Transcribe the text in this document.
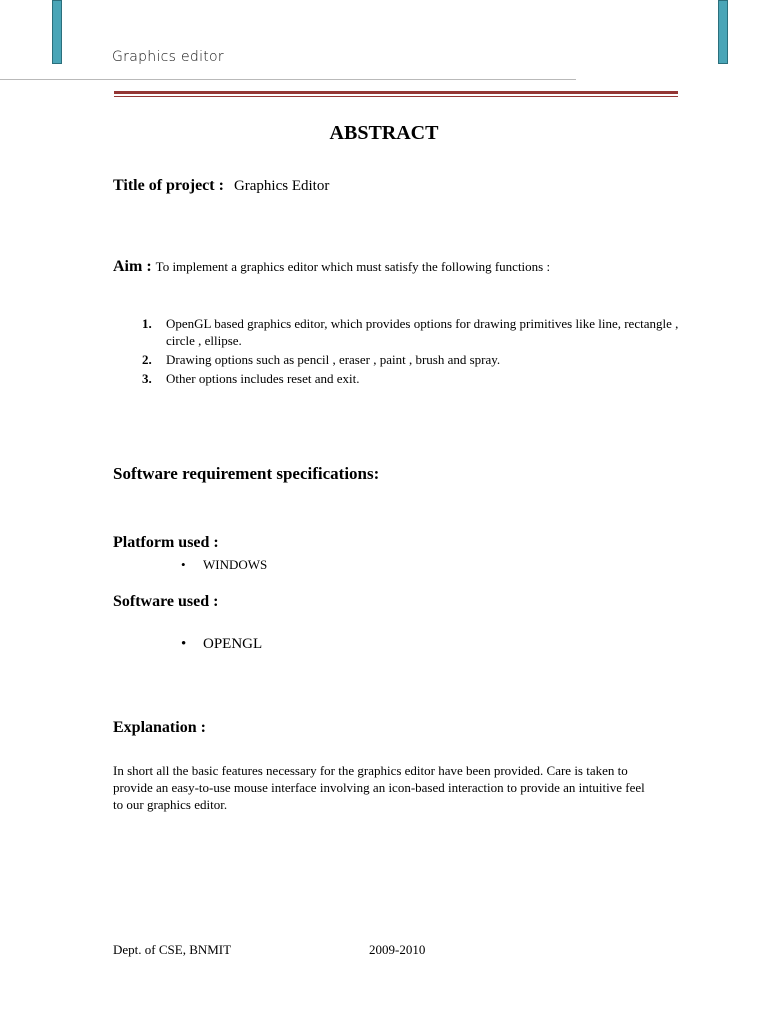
Graphics editor
ABSTRACT
Title of project : Graphics Editor
Aim : To implement a graphics editor which must satisfy the following functions :
1. OpenGL based graphics editor, which provides options for drawing primitives like line, rectangle , circle , ellipse.
2. Drawing options such as pencil , eraser , paint , brush and spray.
3. Other options includes reset and exit.
Software requirement specifications:
Platform used :
• WINDOWS
Software used :
• OPENGL
Explanation :
In short all the basic features necessary for the graphics editor have been provided. Care is taken to provide an easy-to-use mouse interface involving an icon-based interaction to provide an intuitive feel to our graphics editor.
Dept. of CSE, BNMIT	2009-2010
